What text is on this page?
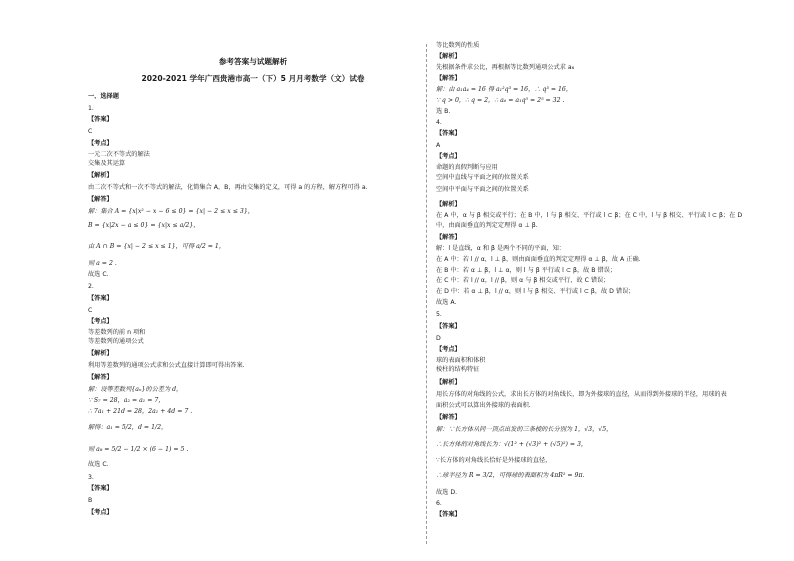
参考答案与试题解析
2020-2021 学年广西贵港市高一（下）5 月月考数学（文）试卷
一、选择题
1.
【答案】
C
【考点】
一元二次不等式的解法
交集及其运算
【解析】
由二次不等式和一次不等式的解法，化简集合 A，B，再由交集的定义，可得 a 的方程，解方程可得 a.
【解答】
解：集合 A = {x|x² − x − 6 ≤ 0} = {x| − 2 ≤ x ≤ 3}，
B = {x|2x − a ≤ 0} = {x|x ≤ a/2}，
由 A ∩ B = {x| − 2 ≤ x ≤ 1}，可得 a/2 = 1，
则 a = 2 .
故选 C.
2.
【答案】
C
【考点】
等差数列的前 n 项和
等差数列的通项公式
【解析】
利用等差数列的通项公式求和公式直接计算即可得出答案.
【解答】
解：设等差数列{aₙ}的公差为 d，
∵ S₇ = 28，a₂ = a₁ = 7，
∴ 7a₁ + 21d = 28，2a₁ + 4d = 7 .
解得：a₁ = 5/2，d = 1/2，
则 a₈ = 5/2 − 1/2 × (6 − 1) = 5 .
故选 C.
3.
【答案】
B
【考点】
等比数列的性质
【解析】
先根据条件求公比，再根据等比数列通项公式求 a₆
【解答】
解：由 a₁a₄ = 16 得 a₁²q³ = 16，∴ q³ = 16，
∵ q > 0，∴ q = 2，∴ a₆ = a₁q⁵ = 2⁵ = 32 .
选 B.
4.
【答案】
A
【考点】
命题的真假判断与应用
空间中直线与平面之间的位置关系
空间中平面与平面之间的位置关系
【解析】
在 A 中，α 与 β 相交或平行；在 B 中，l 与 β 相交、平行或 l ⊂ β；在 C 中，l 与 β 相交、平行或 l ⊂ β；在 D
中，由面面垂直的判定定理得 α ⊥ β.
【解答】
解：l 是直线，α 和 β 是两个不同的平面，知：
在 A 中：若 l // α，l ⊥ β，则由面面垂直的判定定理得 α ⊥ β，故 A 正确.
在 B 中：若 α ⊥ β，l ⊥ α，则 l 与 β 平行或 l ⊂ β，故 B 错误；
在 C 中：若 l // α，l // β，则 α 与 β 相交或平行，故 C 错误；
在 D 中：若 α ⊥ β，l // α，则 l 与 β 相交、平行或 l ⊂ β，故 D 错误；
故选 A.
5.
【答案】
D
【考点】
球的表面积和体积
棱柱的结构特征
【解析】
用长方体的对角线的公式，求出长方体的对角线长，即为外接球的直径，从而得到外接球的半径，用球的表
面积公式可以算出外接球的表面积.
【解答】
解：∵长方体从同一顶点出发的三条棱的长分别为 1，√3，√5，
∴长方体的对角线长为：√(1² + (√3)² + (√5)²) = 3，
∵长方体的对角线长恰好是外接球的直径，
∴球半径为 R = 3/2，可得球的表面积为 4πR² = 9π.
故选 D.
6.
【答案】
